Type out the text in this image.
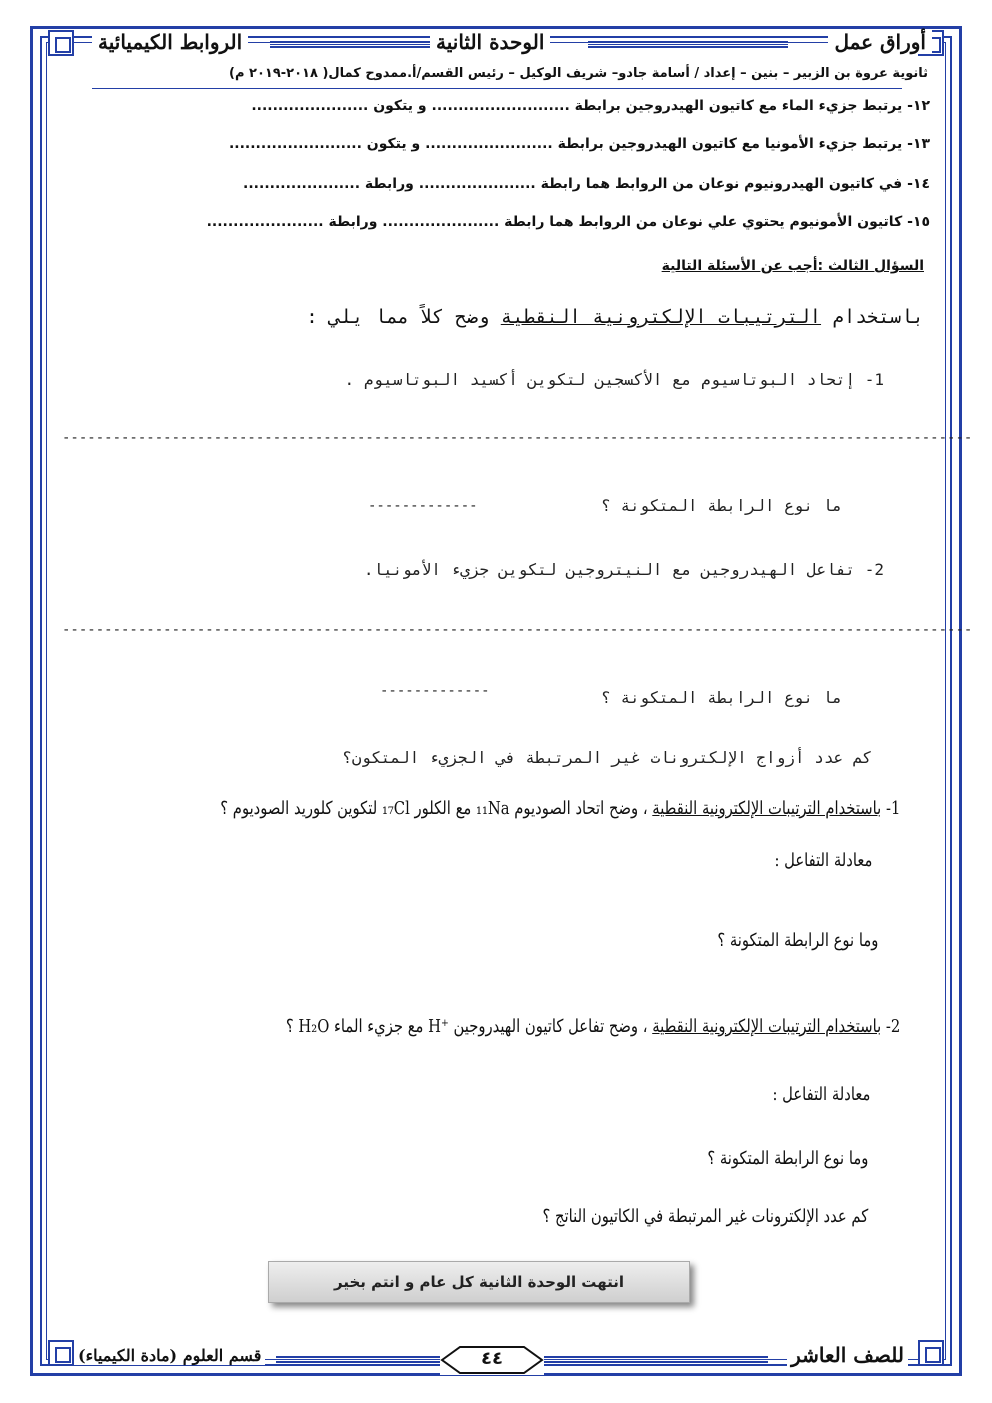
أوراق عمل
الوحدة الثانية
الروابط الكيميائية
ثانوية عروة بن الزبير – بنين – إعداد / أسامة جادو– شريف الوكيل – رئيس القسم/أ.ممدوح كمال( ٢٠١٨-٢٠١٩ م)
١٢- يرتبط جزيء الماء مع كاتيون الهيدروجين برابطة .......................... و يتكون ......................
١٣- يرتبط جزيء الأمونيا مع كاتيون الهيدروجين برابطة ........................ و يتكون .........................
١٤- في كاتيون الهيدرونيوم نوعان من الروابط هما رابطة ...................... ورابطة ......................
١٥- كاتيون الأمونيوم يحتوي علي نوعان من الروابط هما رابطة ...................... ورابطة ......................
السؤال الثالث :أجب عن الأسئلة التالية
باستخدام الترتيبات الإلكترونية النقطية وضح كلاً مما يلي :
1- إتحاد البوتاسيوم مع الأكسجين لتكوين أكسيد البوتاسيوم .
------------------------------------------------------------------------------------------------------------
ما نوع الرابطة المتكونة ؟
-------------
2- تفاعل الهيدروجين مع النيتروجين لتكوين جزيء الأمونيا.
------------------------------------------------------------------------------------------------------------
ما نوع الرابطة المتكونة ؟
-------------
كم عدد أزواج الإلكترونات غير المرتبطة في الجزيء المتكون؟
1- باستخدام الترتيبات الإلكترونية النقطية ، وضح اتحاد الصوديوم ₁₁Na مع الكلور ₁₇Cl لتكوين كلوريد الصوديوم ؟
معادلة التفاعل :
وما نوع الرابطة المتكونة ؟
2- باستخدام الترتيبات الإلكترونية النقطية ، وضح تفاعل كاتيون الهيدروجين ⁺H مع جزيء الماء H₂O ؟
معادلة التفاعل :
وما نوع الرابطة المتكونة ؟
كم عدد الإلكترونات غير المرتبطة في الكاتيون الناتج ؟
انتهت الوحدة الثانية كل عام و انتم بخير
للصف العاشر
٤٤
قسم العلوم (مادة الكيمياء)
